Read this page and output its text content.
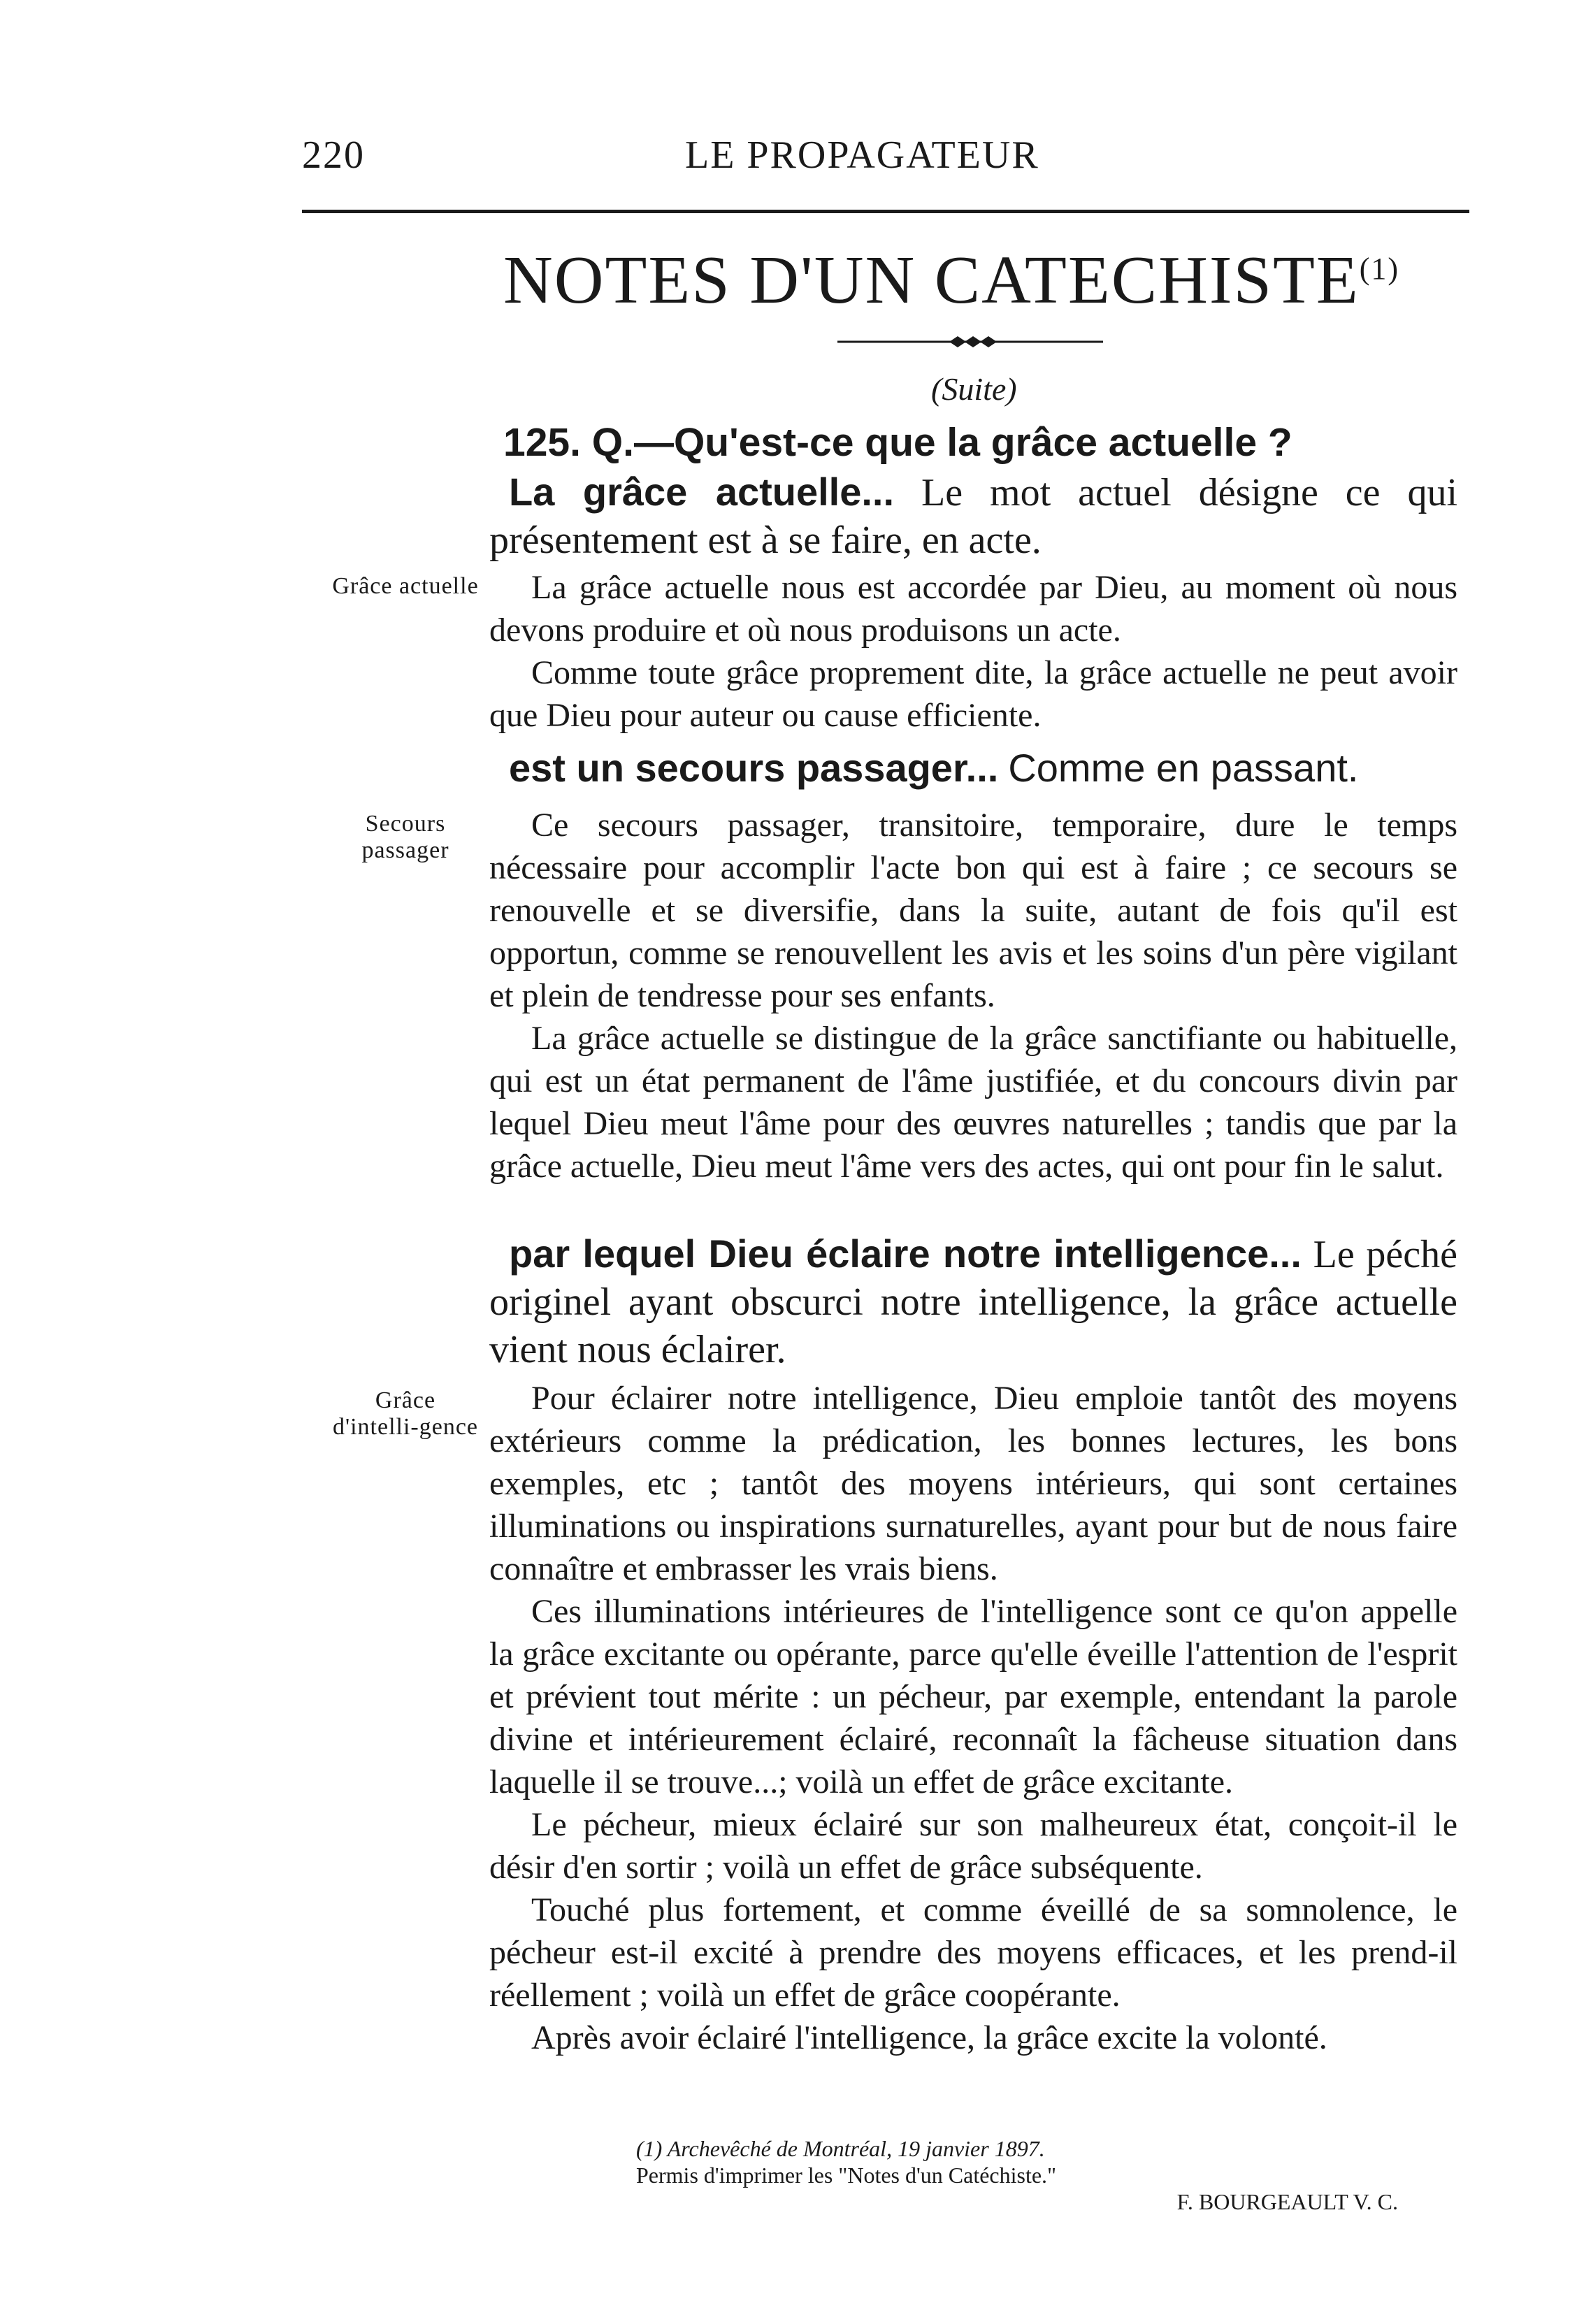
220	LE PROPAGATEUR
NOTES D'UN CATECHISTE$^{(1)}$
(Suite)
125. Q.—Qu'est-ce que la grâce actuelle ?

La grâce actuelle... Le mot actuel désigne ce qui présentement est à se faire, en acte.

Grâce actuelle	La grâce actuelle nous est accordée par Dieu, au moment où nous devons produire et où nous produisons un acte.

Comme toute grâce proprement dite, la grâce actuelle ne peut avoir que Dieu pour auteur ou cause efficiente.

est un secours passager... Comme en passant.

Secours passager

Ce secours passager, transitoire, temporaire, dure le temps nécessaire pour accomplir l'acte bon qui est à faire ; ce secours se renouvelle et se diversifie, dans la suite, autant de fois qu'il est opportun, comme se renouvellent les avis et les soins d'un père vigilant et plein de tendresse pour ses enfants.

La grâce actuelle se distingue de la grâce sanctifiante ou habituelle, qui est un état permanent de l'âme justifiée, et du concours divin par lequel Dieu meut l'âme pour des œuvres naturelles ; tandis que par la grâce actuelle, Dieu meut l'âme vers des actes, qui ont pour fin le salut.

par lequel Dieu éclaire notre intelligence... Le péché originel ayant obscurci notre intelligence, la grâce actuelle vient nous éclairer.

Grâce d'intelli-gence

Pour éclairer notre intelligence, Dieu emploie tantôt des moyens extérieurs comme la prédication, les bonnes lectures, les bons exemples, etc ; tantôt des moyens intérieurs, qui sont certaines illuminations ou inspirations surnaturelles, ayant pour but de nous faire connaître et embrasser les vrais biens.

Ces illuminations intérieures de l'intelligence sont ce qu'on appelle la grâce excitante ou opérante, parce qu'elle éveille l'attention de l'esprit et prévient tout mérite : un pécheur, par exemple, entendant la parole divine et intérieurement éclairé, reconnaît la fâcheuse situation dans laquelle il se trouve...; voilà un effet de grâce excitante.

Le pécheur, mieux éclairé sur son malheureux état, conçoit-il le désir d'en sortir ; voilà un effet de grâce subséquente.

Touché plus fortement, et comme éveillé de sa somnolence, le pécheur est-il excité à prendre des moyens efficaces, et les prend-il réellement ; voilà un effet de grâce coopérante.

Après avoir éclairé l'intelligence, la grâce excite la volonté.

(1) Archevêché de Montréal, 19 janvier 1897.
Permis d'imprimer les "Notes d'un Catéchiste."
F. BOURGEAULT V. C.
